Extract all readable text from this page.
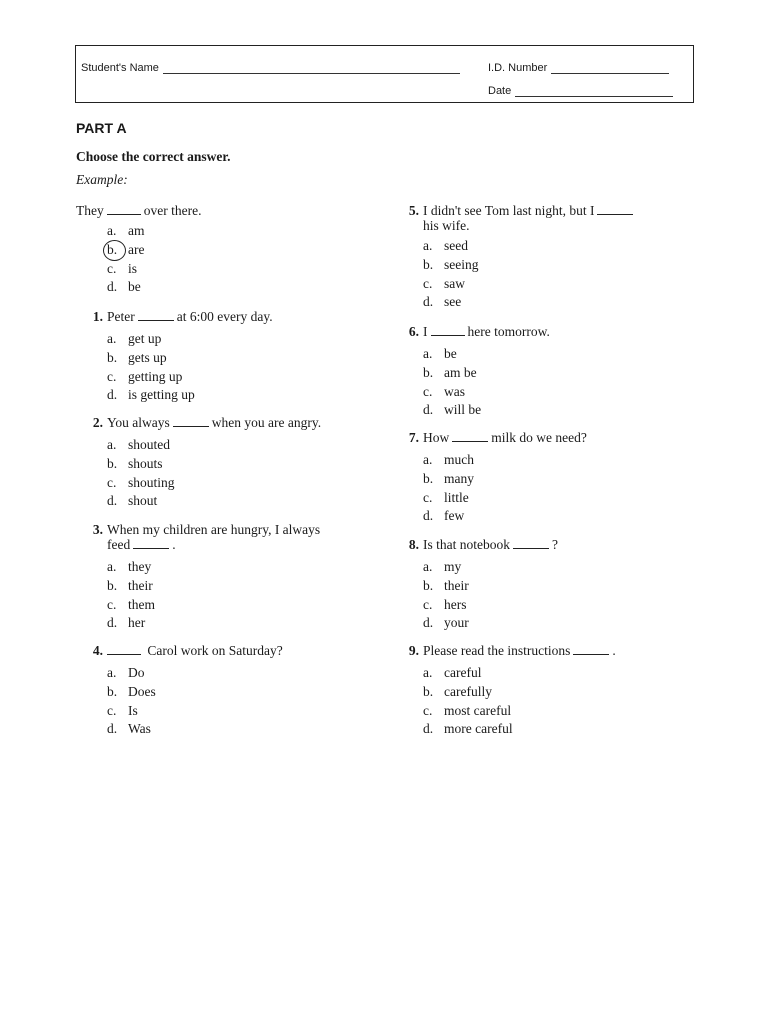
Student's Name	I.D. Number
Date
PART A
Choose the correct answer.
Example:
They	over there.
a. am
b. are
c. is
d. be
1. Peter	at 6:00 every day.
a. get up
b. gets up
c. getting up
d. is getting up
2. You always	when you are angry.
a. shouted
b. shouts
c. shouting
d. shout
3. When my children are hungry, I always
feed	.
a. they
b. their
c. them
d. her
4.	Carol work on Saturday?
a. Do
b. Does
c. Is
d. Was
5. I didn't see Tom last night, but I
his wife.
a. seed
b. seeing
c. saw
d. see
6. I	here tomorrow.
a. be
b. am be
c. was
d. will be
7. How	milk do we need?
a. much
b. many
c. little
d. few
8. Is that notebook	?
a. my
b. their
c. hers
d. your
9. Please read the instructions	.
a. careful
b. carefully
c. most careful
d. more careful
